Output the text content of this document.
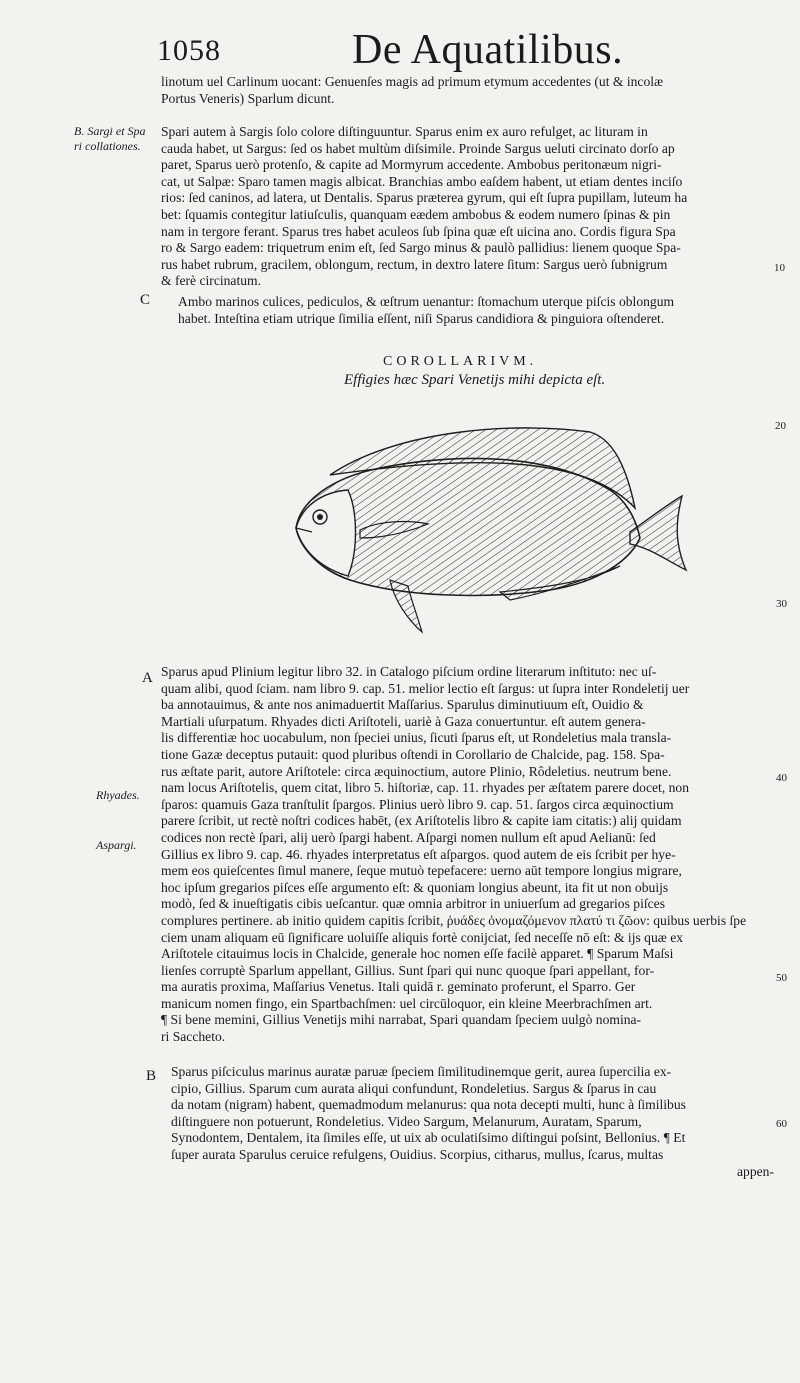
1058	De Aquatilibus.
linotum uel Carlinum uocant: Genuenſes magis ad primum etymum accedentes (ut & incolæ
Portus Veneris) Sparlum dicunt.
B. Sargi et Spa
ri collationes.
Spari autem à Sargis ſolo colore diſtinguuntur. Sparus enim ex auro refulget, ac lituram in
cauda habet, ut Sargus: ſed os habet multùm diſsimile. Proinde Sargus ueluti circinato dorſo ap
paret, Sparus uerò protenſo, & capite ad Mormyrum accedente. Ambobus peritonæum nigri-
cat, ut Salpæ: Sparo tamen magis albicat. Branchias ambo eaſdem habent, ut etiam dentes inciſo
rios: ſed caninos, ad latera, ut Dentalis. Sparus præterea gyrum, qui eſt ſupra pupillam, luteum ha
bet: ſquamis contegitur latiuſculis, quanquam eædem ambobus & eodem numero ſpinas & pin
nam in tergore ferant. Sparus tres habet aculeos ſub ſpina quæ eſt uicina ano. Cordis figura Spa
ro & Sargo eadem: triquetrum enim eſt, ſed Sargo minus & paulò pallidius: lienem quoque Spa-
rus habet rubrum, gracilem, oblongum, rectum, in dextro latere ſitum: Sargus uerò ſubnigrum
& ferè circinatum.
10
C Ambo marinos culices, pediculos, & œſtrum uenantur: ſtomachum uterque piſcis oblongum
habet. Inteſtina etiam utrique ſimilia eſſent, niſi Sparus candidiora & pinguiora oſtenderet.
COROLLARIVM.
Effigies hæc Spari Venetijs mihi depicta eſt.
20
30
A
Rhyades.
Aspargi.
Sparus apud Plinium legitur libro 32. in Catalogo piſcium ordine literarum inſtituto: nec uſ-
quam alibi, quod ſciam. nam libro 9. cap. 51. melior lectio eſt ſargus: ut ſupra inter Rondeletij uer
ba annotauimus, & ante nos animaduertit Maſſarius. Sparulus diminutiuum eſt, Ouidio &
Martiali uſurpatum. Rhyades dicti Ariſtoteli, uariè à Gaza conuertuntur. eſt autem genera-
lis differentiæ hoc uocabulum, non ſpeciei unius, ſicuti ſparus eſt, ut Rondeletius mala transla-
tione Gazæ deceptus putauit: quod pluribus oſtendi in Corollario de Chalcide, pag. 158. Spa-
rus æſtate parit, autore Ariſtotele: circa æquinoctium, autore Plinio, Rôdeletius. neutrum bene.
nam locus Ariſtotelis, quem citat, libro 5. hiſtoriæ, cap. 11. rhyades per æſtatem parere docet, non
ſparos: quamuis Gaza tranſtulit ſpargos. Plinius uerò libro 9. cap. 51. ſargos circa æquinoctium
parere ſcribit, ut rectè noſtri codices habēt, (ex Ariſtotelis libro & capite iam citatis:) alij quidam
codices non rectè ſpari, alij uerò ſpargi habent. Aſpargi nomen nullum eſt apud Aelianū: ſed
Gillius ex libro 9. cap. 46. rhyades interpretatus eſt aſpargos. quod autem de eis ſcribit per hye-
mem eos quieſcentes ſimul manere, ſeque mutuò tepefacere: uerno aūt tempore longius migrare,
hoc ipſum gregarios piſces eſſe argumento eſt: & quoniam longius abeunt, ita fit ut non obuijs
modò, ſed & inueſtigatis cibis ueſcantur. quæ omnia arbitror in uniuerſum ad gregarios piſces
complures pertinere. ab initio quidem capitis ſcribit, ῥυάδες ὀνομαζόμενον πλατύ τι ζῶον: quibus uerbis ſpe
ciem unam aliquam eū ſignificare uoluiſſe aliquis fortè conijciat, ſed neceſſe nō eſt: & ijs quæ ex
Ariſtotele citauimus locis in Chalcide, generale hoc nomen eſſe facilè apparet. ¶ Sparum Maſsi
lienſes corruptè Sparlum appellant, Gillius. Sunt ſpari qui nunc quoque ſpari appellant, for-
ma auratis proxima, Maſſarius Venetus. Itali quidā r. geminato proferunt, el Sparro. Ger
manicum nomen fingo, ein Spartbachſmen: uel circūloquor, ein kleine Meerbrachſmen art.
¶ Si bene memini, Gillius Venetijs mihi narrabat, Spari quandam ſpeciem uulgò nomina-
ri Saccheto.
40
50
B Sparus piſciculus marinus auratæ paruæ ſpeciem ſimilitudinemque gerit, aurea ſupercilia ex-
cipio, Gillius. Sparum cum aurata aliqui confundunt, Rondeletius. Sargus & ſparus in cau
da notam (nigram) habent, quemadmodum melanurus: qua nota decepti multi, hunc à ſimilibus
diſtinguere non potuerunt, Rondeletius. Video Sargum, Melanurum, Auratam, Sparum,
Synodontem, Dentalem, ita ſimiles eſſe, ut uix ab oculatiſsimo diſtingui poſsint, Bellonius. ¶ Et
ſuper aurata Sparulus ceruice refulgens, Ouidius. Scorpius, citharus, mullus, ſcarus, multas
appen-
60
